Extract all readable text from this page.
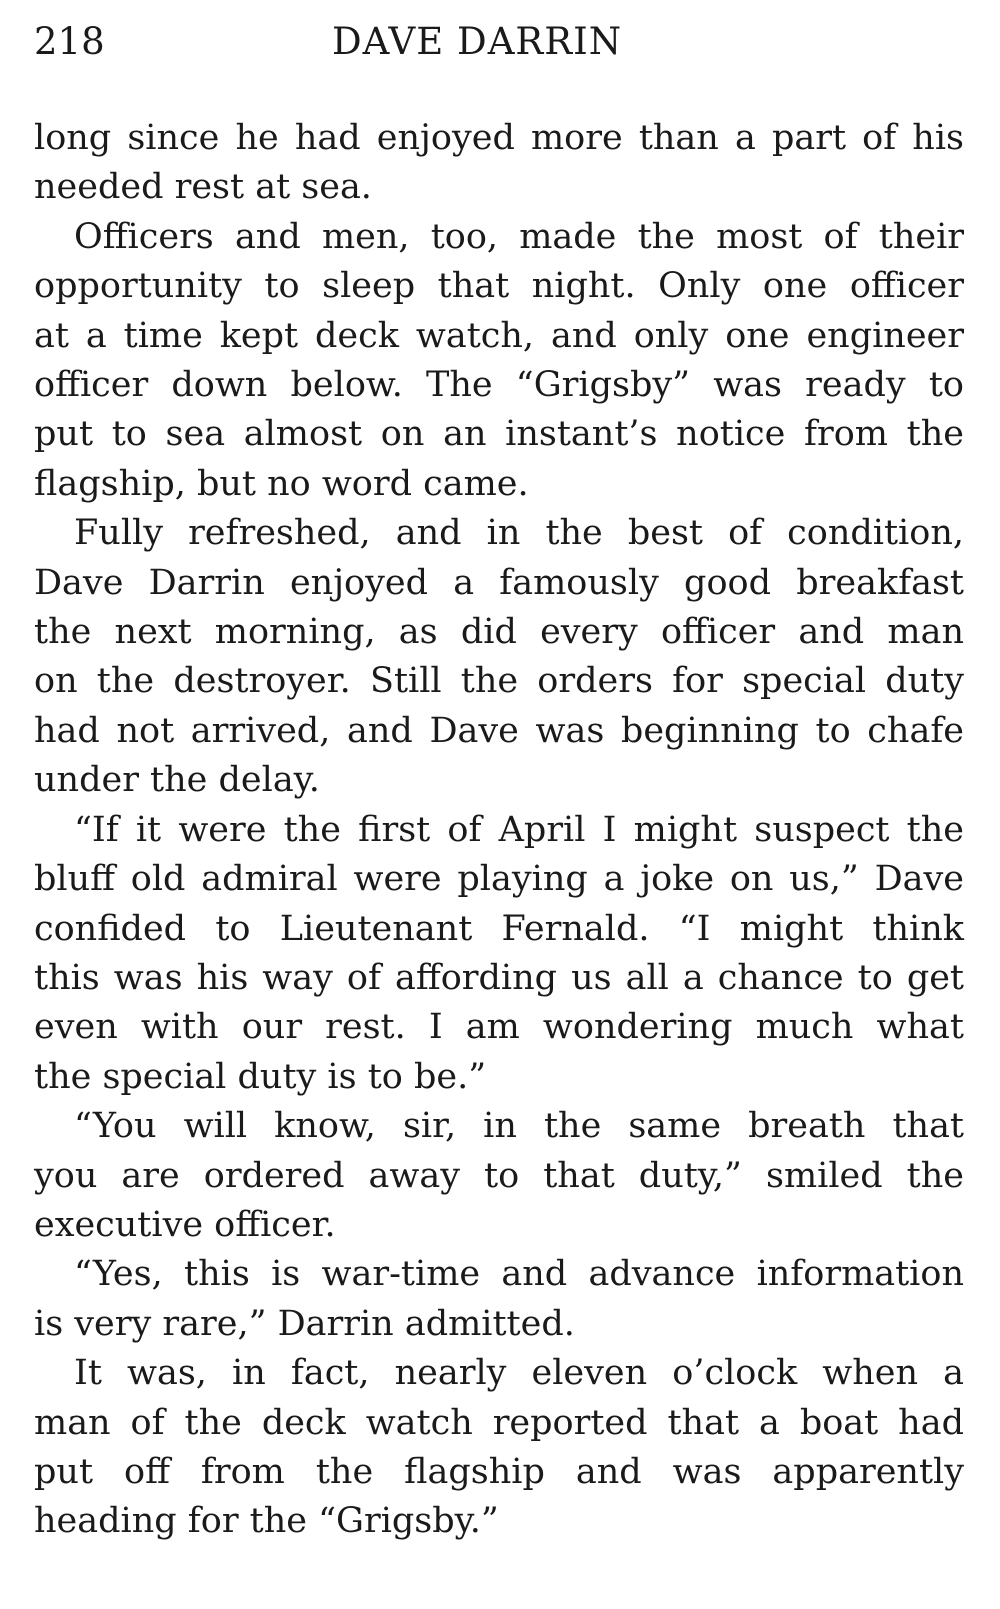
218	DAVE DARRIN
long since he had enjoyed more than a part of his
needed rest at sea.
Officers and men, too, made the most of their
opportunity to sleep that night. Only one officer
at a time kept deck watch, and only one engineer
officer down below. The “Grigsby” was ready to
put to sea almost on an instant’s notice from the
flagship, but no word came.
Fully refreshed, and in the best of condition,
Dave Darrin enjoyed a famously good breakfast
the next morning, as did every officer and man
on the destroyer. Still the orders for special duty
had not arrived, and Dave was beginning to chafe
under the delay.
“If it were the first of April I might suspect the
bluff old admiral were playing a joke on us,” Dave
confided to Lieutenant Fernald. “I might think
this was his way of affording us all a chance to get
even with our rest. I am wondering much what
the special duty is to be.”
“You will know, sir, in the same breath that
you are ordered away to that duty,” smiled the
executive officer.
“Yes, this is war-time and advance information
is very rare,” Darrin admitted.
It was, in fact, nearly eleven o’clock when a
man of the deck watch reported that a boat had
put off from the flagship and was apparently
heading for the “Grigsby.”
